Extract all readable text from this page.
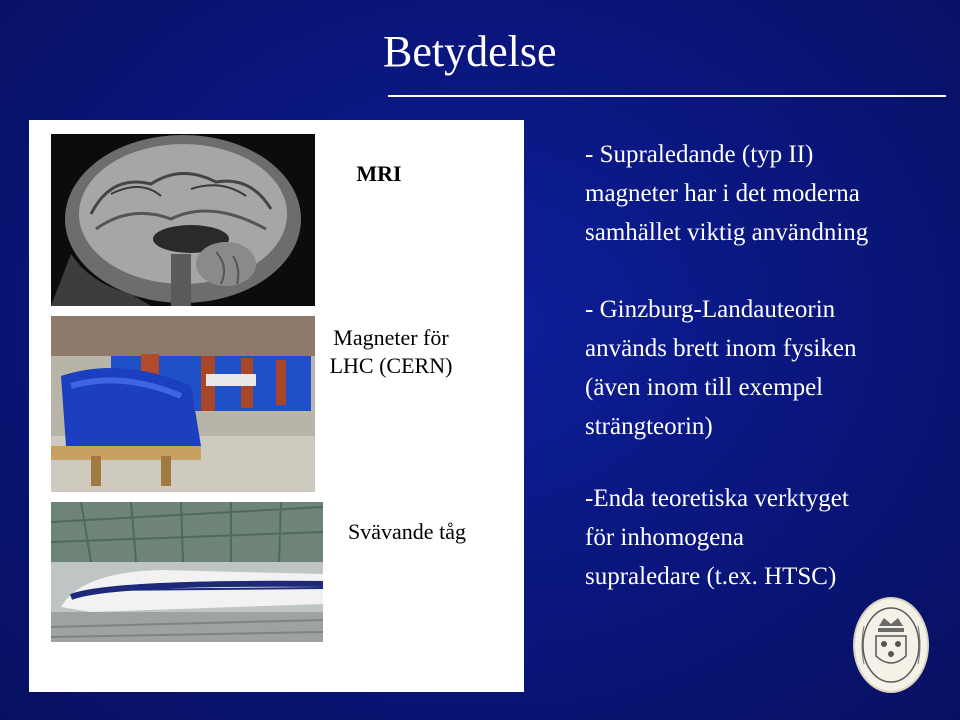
Betydelse
MRI
Magneter för
LHC (CERN)
Svävande tåg
- Supraledande (typ II)
magneter har i det moderna
samhället viktig användning
- Ginzburg-Landauteorin
används brett inom fysiken
(även inom till exempel
strängteorin)
-Enda teoretiska verktyget
för inhomogena
supraledare (t.ex. HTSC)
